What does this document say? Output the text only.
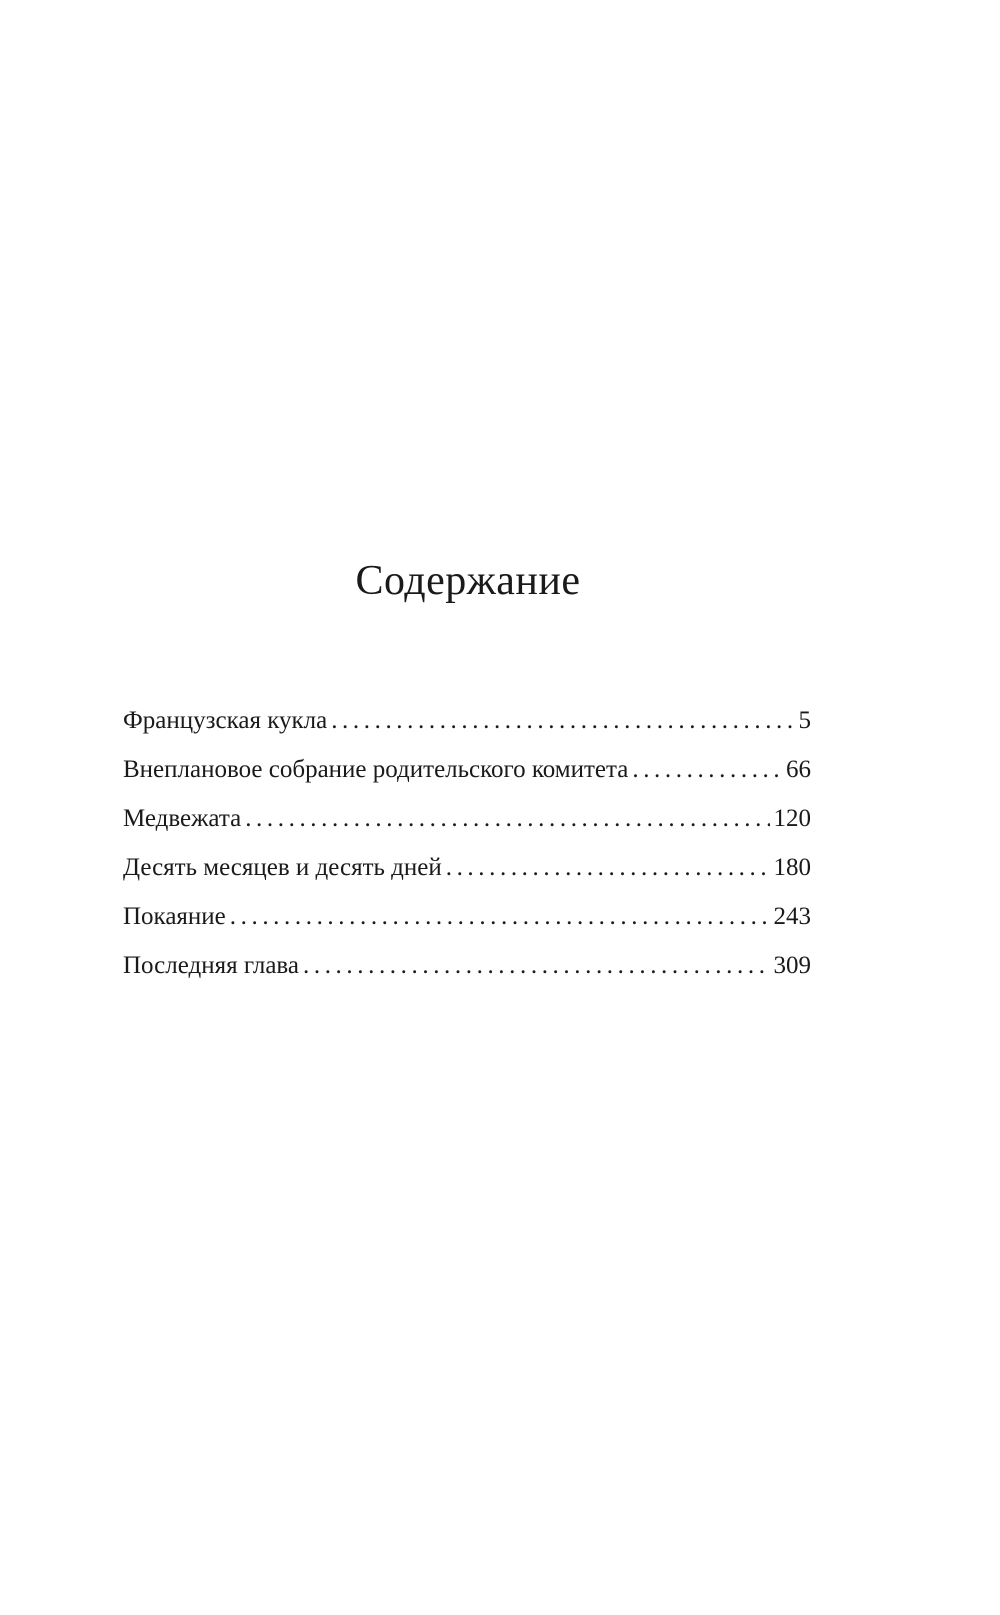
Содержание
Французская кукла .....	5
Внеплановое собрание родительского комитета .....	66
Медвежата .....	120
Десять месяцев и десять дней .....	180
Покаяние .....	243
Последняя глава .....	309
